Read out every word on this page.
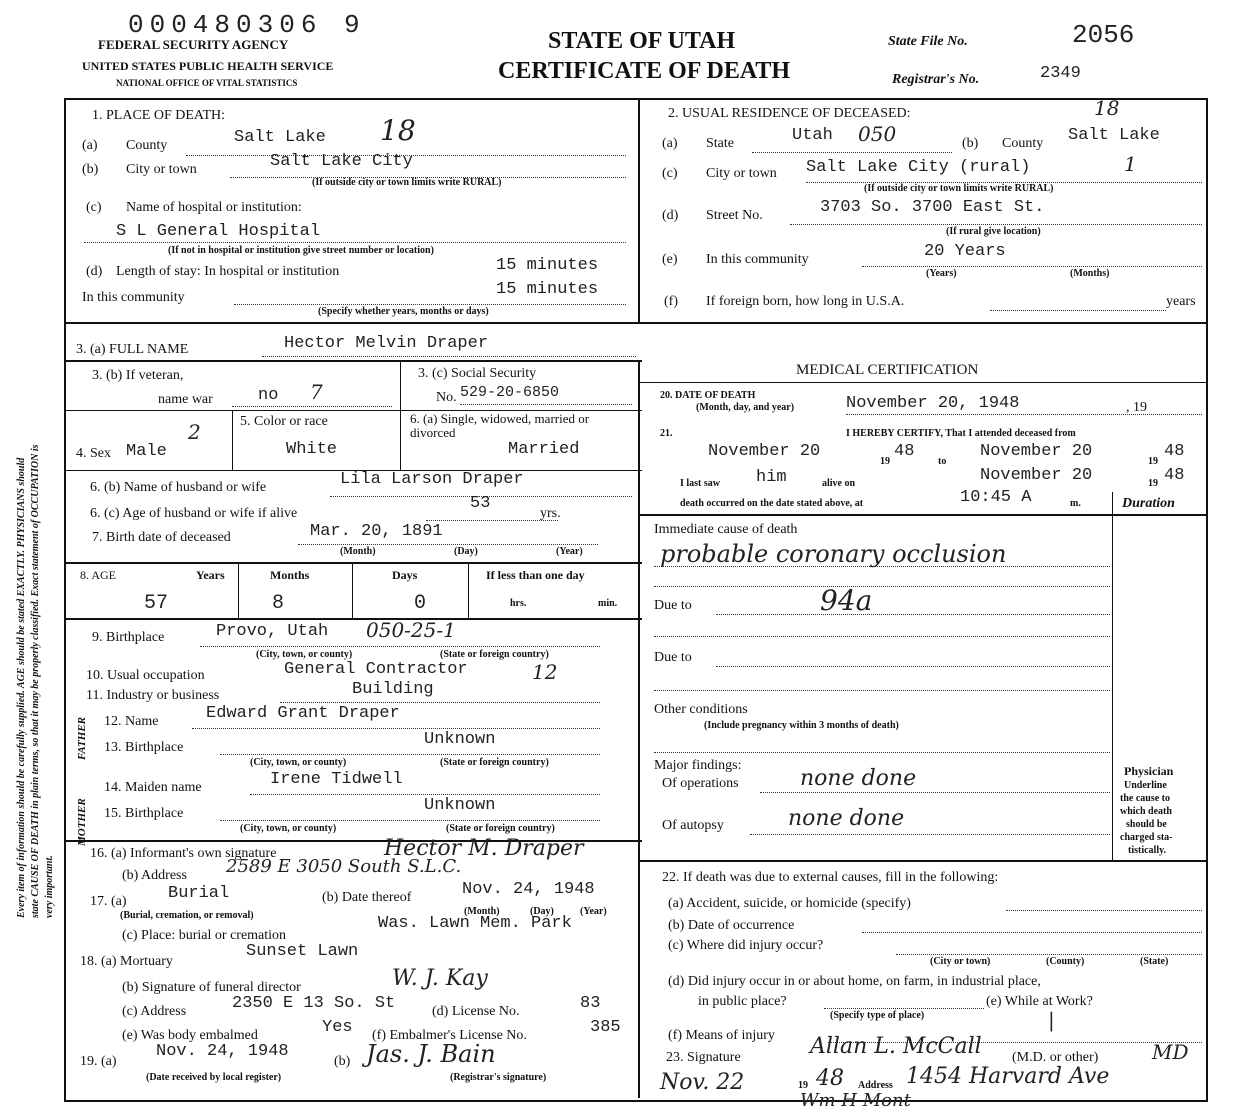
Every item of information should be carefully supplied. AGE should be stated EXACTLY. PHYSICIANS should state CAUSE OF DEATH in plain terms, so that it may be properly classified. Exact statement of OCCUPATION is very important.
000480306 9
FEDERAL SECURITY AGENCY
UNITED STATES PUBLIC HEALTH SERVICE
NATIONAL OFFICE OF VITAL STATISTICS
STATE OF UTAH
CERTIFICATE OF DEATH
State File No.	2056
Registrar's No.	2349
1. PLACE OF DEATH:
(a) County	Salt Lake 18
(b) City or town	Salt Lake City
(If outside city or town limits write RURAL)
(c) Name of hospital or institution:
S L General Hospital
(If not in hospital or institution give street number or location)
(d) Length of stay: In hospital or institution	15 minutes
In this community	15 minutes
(Specify whether years, months or days)
2. USUAL RESIDENCE OF DECEASED:	18
(a) State	Utah 050	(b) County Salt Lake
(c) City or town Salt Lake City (rural)	1
(If outside city or town limits write RURAL)
(d) Street No.	3703 So. 3700 East St.
(If rural give location)
(e) In this community	20 Years
(Years)	(Months)
(f) If foreign born, how long in U.S.A.	years
3. (a) FULL NAME	Hector Melvin Draper
3. (b) If veteran,
name war	no 7
3. (c) Social Security
No. 529-20-6850
4. Sex
2
Male
5. Color or race
White
6. (a) Single, widowed, married or divorced
Married
6. (b) Name of husband or wife	Lila Larson Draper
6. (c) Age of husband or wife if alive
53
yrs.
7. Birth date of deceased	Mar. 20, 1891
(Month)	(Day)	(Year)
8. AGE	Years	Months	Days	If less than one day
57	8	0	hrs.	min.
9. Birthplace	Provo, Utah 050-25-1
(City, town, or county)	(State or foreign country)
10. Usual occupation	General Contractor	12
11. Industry or business	Building
FATHER
MOTHER
12. Name	Edward Grant Draper
13. Birthplace	Unknown
(City, town, or county)	(State or foreign country)
14. Maiden name	Irene Tidwell
15. Birthplace	Unknown
(City, town, or county)	(State or foreign country)
16. (a) Informant's own signature	Hector M. Draper
(b) Address 2589 E 3050 South S.L.C.
17. (a) Burial
(Burial, cremation, or removal)
(b) Date thereof	Nov. 24, 1948
(Month)	(Day)	(Year)
(c) Place: burial or cremation
Was. Lawn Mem. Park
18. (a) Mortuary
Sunset Lawn
(b) Signature of funeral director	W. J. Kay
(c) Address	2350 E 13 So. St	(d) License No.	83
(e) Was body embalmed	Yes (f) Embalmer's License No.	385
19. (a)
Nov. 24, 1948
(Date received by local register)
(b) Jas. J. Bain
(Registrar's signature)
MEDICAL CERTIFICATION
20. DATE OF DEATH
(Month, day, and year)	November 20, 1948	, 19
21.	I HEREBY CERTIFY, That I attended deceased from
November 20
19
48
to
November 20
19
48
I last saw him	alive on	November 20	19 48
death occurred on the date stated above, at	10:45 A	m.	Duration
Immediate cause of death
probable coronary occlusion
Due to	94a
Due to
Other conditions
(Include pregnancy within 3 months of death)
Major findings:
Of operations	none done
Of autopsy	none done
Physician
Underline
the cause to
which death
should be
charged sta-
tistically.
22. If death was due to external causes, fill in the following:
(a) Accident, suicide, or homicide (specify)
(b) Date of occurrence
(c) Where did injury occur?
(City or town)	(County)	(State)
(d) Did injury occur in or about home, on farm, in industrial place,
in public place?	(e) While at Work?
|
(Specify type of place)
(f) Means of injury
23. Signature	Allan L. McCall (M.D. or other)	MD
Nov. 22	19 48 Address 1454 Harvard Ave
Wm H Mont
